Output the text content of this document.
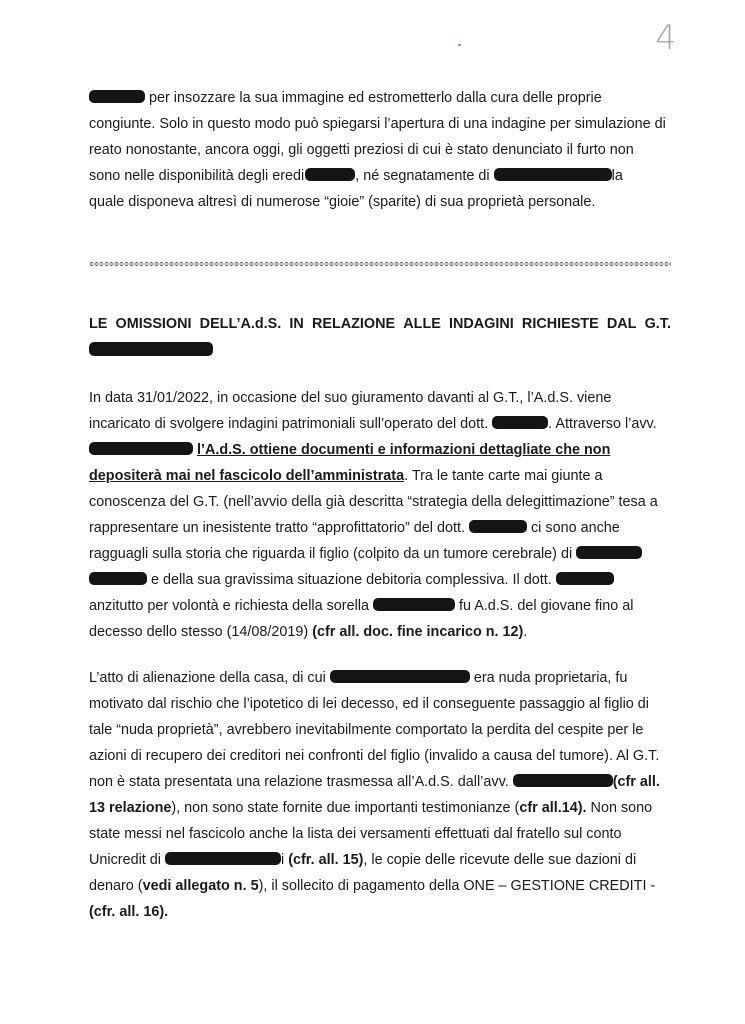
4
per insozzare la sua immagine ed estrometterlo dalla cura delle proprie
congiunte. Solo in questo modo può spiegarsi l’apertura di una indagine per simulazione di
reato nonostante, ancora oggi, gli oggetti preziosi di cui è stato denunciato il furto non
sono nelle disponibilità degli eredi	, né segnatamente di	la
quale disponeva altresì di numerose “gioie” (sparite) di sua proprietà personale.
LE OMISSIONI DELL’A.d.S. IN RELAZIONE ALLE INDAGINI RICHIESTE DAL G.T.
In data 31/01/2022, in occasione del suo giuramento davanti al G.T., l’A.d.S. viene
incaricato di svolgere indagini patrimoniali sull’operato del dott.	. Attraverso l’avv.
l’A.d.S. ottiene documenti e informazioni dettagliate che non
depositerà mai nel fascicolo dell’amministrata. Tra le tante carte mai giunte a
conoscenza del G.T. (nell’avvio della già descritta “strategia della delegittimazione” tesa a
rappresentare un inesistente tratto “approfittatorio” del dott.	ci sono anche
ragguagli sulla storia che riguarda il figlio (colpito da un tumore cerebrale) di
e della sua gravissima situazione debitoria complessiva. Il dott.
anzitutto per volontà e richiesta della sorella	fu A.d.S. del giovane fino al
decesso dello stesso (14/08/2019) (cfr all. doc. fine incarico n. 12).
L’atto di alienazione della casa, di cui	era nuda proprietaria, fu
motivato dal rischio che l’ipotetico di lei decesso, ed il conseguente passaggio al figlio di
tale “nuda proprietà”, avrebbero inevitabilmente comportato la perdita del cespite per le
azioni di recupero dei creditori nei confronti del figlio (invalido a causa del tumore). Al G.T.
non è stata presentata una relazione trasmessa all’A.d.S. dall’avv.	(cfr all.
13 relazione), non sono state fornite due importanti testimonianze (cfr all.14). Non sono
state messi nel fascicolo anche la lista dei versamenti effettuati dal fratello sul conto
Unicredit di	i (cfr. all. 15), le copie delle ricevute delle sue dazioni di
denaro (vedi allegato n. 5), il sollecito di pagamento della ONE – GESTIONE CREDITI -
(cfr. all. 16).
